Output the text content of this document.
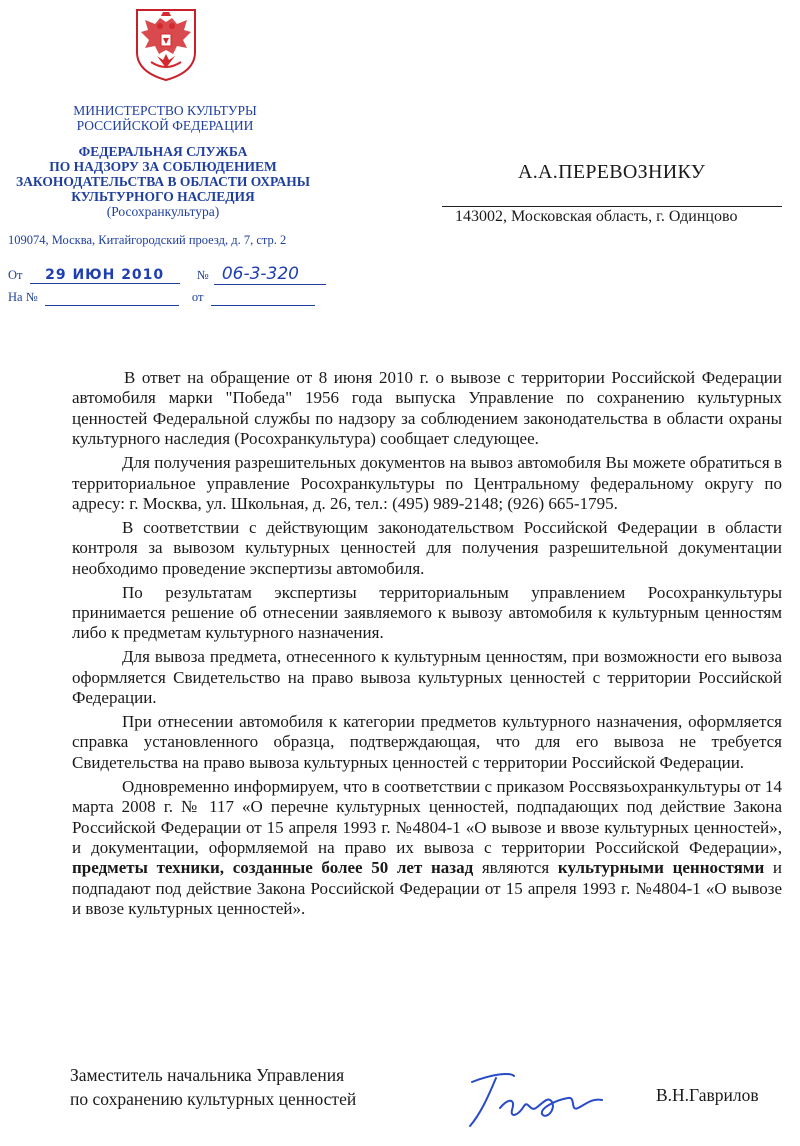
МИНИСТЕРСТВО КУЛЬТУРЫ
РОССИЙСКОЙ ФЕДЕРАЦИИ
ФЕДЕРАЛЬНАЯ СЛУЖБА
ПО НАДЗОРУ ЗА СОБЛЮДЕНИЕМ
ЗАКОНОДАТЕЛЬСТВА В ОБЛАСТИ ОХРАНЫ
КУЛЬТУРНОГО НАСЛЕДИЯ
(Росохранкультура)
109074, Москва, Китайгородский проезд, д. 7, стр. 2
От 29 ИЮН 2010	№ 06-3-320
На №	от
А.А.ПЕРЕВОЗНИКУ
143002, Московская область, г. Одинцово

В ответ на обращение от 8 июня 2010 г. о вывозе с территории Российской Федерации автомобиля марки "Победа" 1956 года выпуска Управление по сохранению культурных ценностей Федеральной службы по надзору за соблюдением законодательства в области охраны культурного наследия (Росохранкультура) сообщает следующее.

Для получения разрешительных документов на вывоз автомобиля Вы можете обратиться в территориальное управление Росохранкультуры по Центральному федеральному округу по адресу: г. Москва, ул. Школьная, д. 26, тел.: (495) 989-2148; (926) 665-1795.

В соответствии с действующим законодательством Российской Федерации в области контроля за вывозом культурных ценностей для получения разрешительной документации необходимо проведение экспертизы автомобиля.

По результатам экспертизы территориальным управлением Росохранкультуры принимается решение об отнесении заявляемого к вывозу автомобиля к культурным ценностям либо к предметам культурного назначения.

Для вывоза предмета, отнесенного к культурным ценностям, при возможности его вывоза оформляется Свидетельство на право вывоза культурных ценностей с территории Российской Федерации.

При отнесении автомобиля к категории предметов культурного назначения, оформляется справка установленного образца, подтверждающая, что для его вывоза не требуется Свидетельства на право вывоза культурных ценностей с территории Российской Федерации.

Одновременно информируем, что в соответствии с приказом Россвязьохранкультуры от 14 марта 2008 г. № 117 «О перечне культурных ценностей, подпадающих под действие Закона Российской Федерации от 15 апреля 1993 г. №4804-1 «О вывозе и ввозе культурных ценностей», и документации, оформляемой на право их вывоза с территории Российской Федерации», предметы техники, созданные более 50 лет назад являются культурными ценностями и подпадают под действие Закона Российской Федерации от 15 апреля 1993 г. №4804-1 «О вывозе и ввозе культурных ценностей».

Заместитель начальника Управления
по сохранению культурных ценностей	В.Н.Гаврилов
